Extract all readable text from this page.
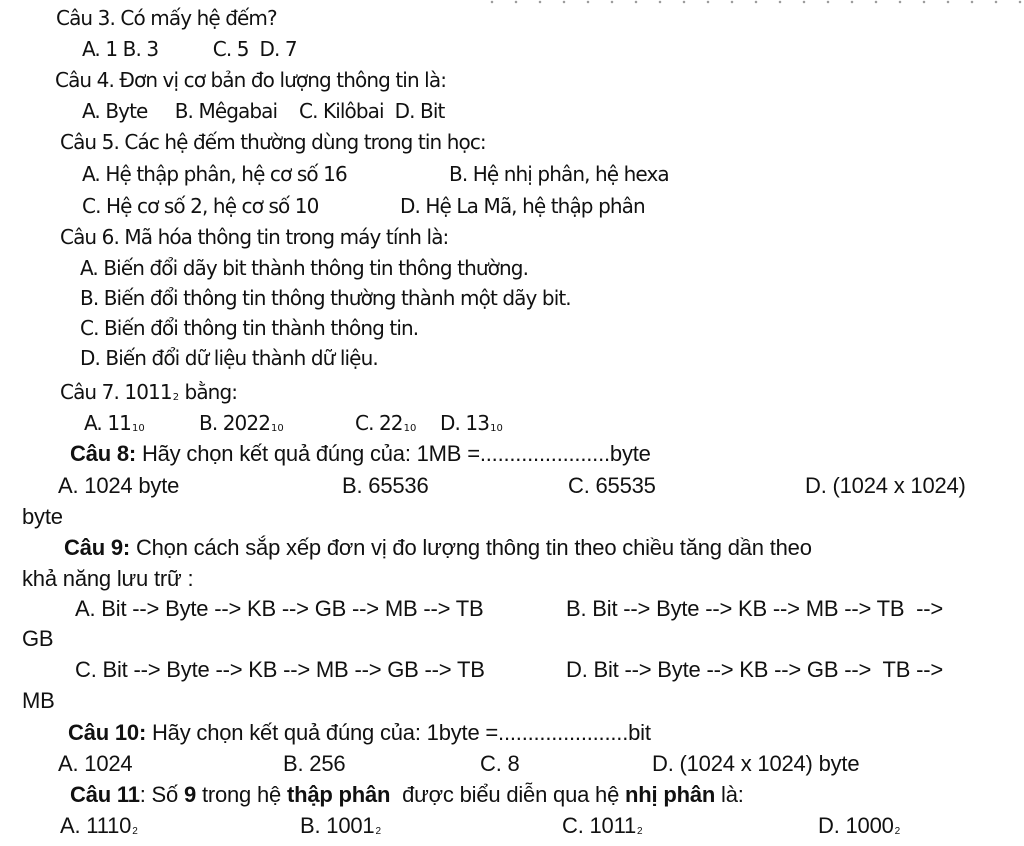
Câu 3. Có mấy hệ đếm?
A. 1 B. 3          C. 5  D. 7
Câu 4. Đơn vị cơ bản đo lượng thông tin là:
A. Byte     B. Mêgabai    C. Kilôbai  D. Bit
Câu 5. Các hệ đếm thường dùng trong tin học:
A. Hệ thập phân, hệ cơ số 16	B. Hệ nhị phân, hệ hexa
C. Hệ cơ số 2, hệ cơ số 10	D. Hệ La Mã, hệ thập phân
Câu 6. Mã hóa thông tin trong máy tính là:
A. Biến đổi dãy bit thành thông tin thông thường.
B. Biến đổi thông tin thông thường thành một dãy bit.
C. Biến đổi thông tin thành thông tin.
D. Biến đổi dữ liệu thành dữ liệu.
Câu 7. $1011_2$ bằng:
A. $11_{10}$	B. $2022_{10}$	C. $22_{10}$ D. $13_{10}$
Câu 8: Hãy chọn kết quả đúng của: 1MB =......................byte
A. 1024 byte	B. 65536	C. 65535	D. (1024 x 1024)
byte
Câu 9: Chọn cách sắp xếp đơn vị đo lượng thông tin theo chiều tăng dần theo
khả năng lưu trữ :
A. Bit --> Byte --> KB --> GB --> MB --> TB	B. Bit --> Byte --> KB --> MB --> TB  -->
GB
C. Bit --> Byte --> KB --> MB --> GB --> TB	D. Bit --> Byte --> KB --> GB -->  TB -->
MB
Câu 10: Hãy chọn kết quả đúng của: 1byte =......................bit
A. 1024	B. 256	C. 8	D. (1024 x 1024) byte
Câu 11: Số 9 trong hệ thập phân  được biểu diễn qua hệ nhị phân là:
A. $1110_2$	B. $1001_2$	C. $1011_2$	D. $1000_2$
